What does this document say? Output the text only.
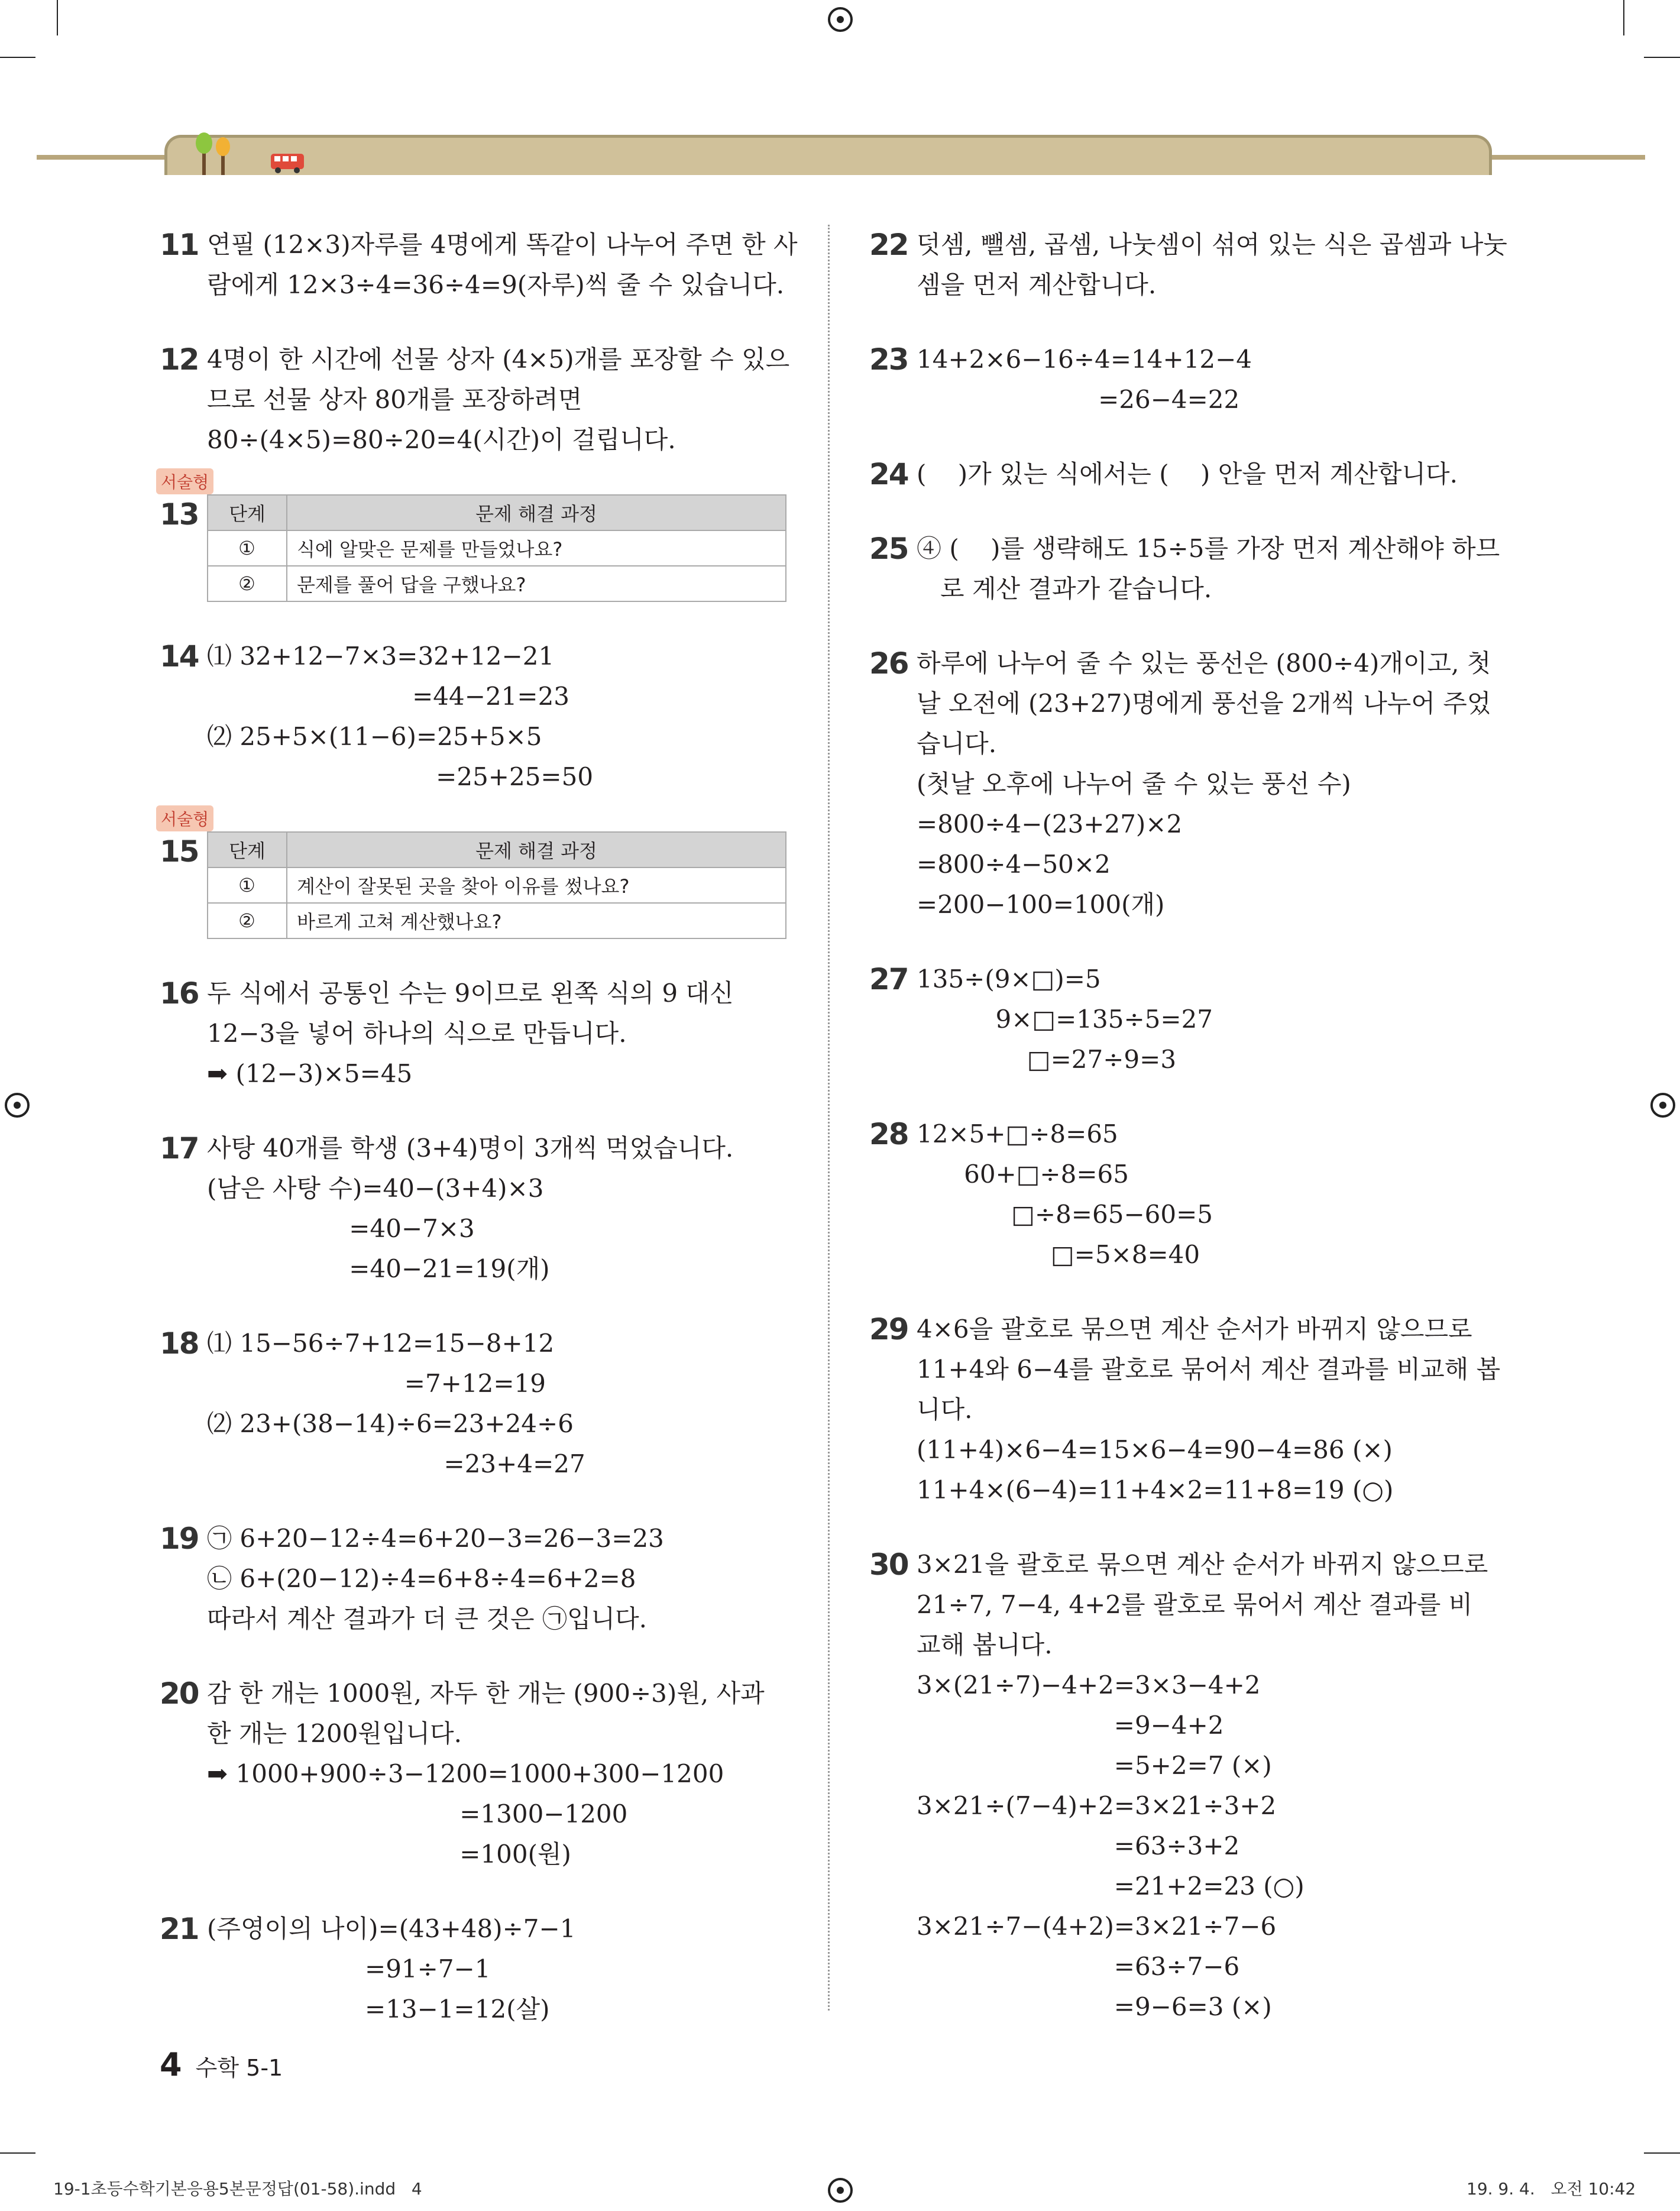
11 연필 (12×3)자루를 4명에게 똑같이 나누어 주면 한 사
람에게 12×3÷4=36÷4=9(자루)씩 줄 수 있습니다.
12 4명이 한 시간에 선물 상자 (4×5)개를 포장할 수 있으
므로 선물 상자 80개를 포장하려면
80÷(4×5)=80÷20=4(시간)이 걸립니다.
서술형
13 단계	문제 해결 과정
①	식에 알맞은 문제를 만들었나요?
②	문제를 풀어 답을 구했나요?
14 ⑴ 32+12−7×3=32+12−21
=44−21=23
⑵ 25+5×(11−6)=25+5×5
=25+25=50
서술형
15 단계	문제 해결 과정
①	계산이 잘못된 곳을 찾아 이유를 썼나요?
②	바르게 고쳐 계산했나요?
16 두 식에서 공통인 수는 9이므로 왼쪽 식의 9 대신
12−3을 넣어 하나의 식으로 만듭니다.
➡ (12−3)×5=45
17 사탕 40개를 학생 (3+4)명이 3개씩 먹었습니다.
(남은 사탕 수)=40−(3+4)×3
=40−7×3
=40−21=19(개)
18 ⑴ 15−56÷7+12=15−8+12
=7+12=19
⑵ 23+(38−14)÷6=23+24÷6
=23+4=27
19 ㉠ 6+20−12÷4=6+20−3=26−3=23
㉡ 6+(20−12)÷4=6+8÷4=6+2=8
따라서 계산 결과가 더 큰 것은 ㉠입니다.
20 감 한 개는 1000원, 자두 한 개는 (900÷3)원, 사과
한 개는 1200원입니다.
➡ 1000+900÷3−1200=1000+300−1200
=1300−1200
=100(원)
21 (주영이의 나이)=(43+48)÷7−1
=91÷7−1
=13−1=12(살)
22 덧셈, 뺄셈, 곱셈, 나눗셈이 섞여 있는 식은 곱셈과 나눗
셈을 먼저 계산합니다.
23 14+2×6−16÷4=14+12−4
=26−4=22
24 (    )가 있는 식에서는 (    ) 안을 먼저 계산합니다.
25 ④ (    )를 생략해도 15÷5를 가장 먼저 계산해야 하므
로 계산 결과가 같습니다.
26 하루에 나누어 줄 수 있는 풍선은 (800÷4)개이고, 첫
날 오전에 (23+27)명에게 풍선을 2개씩 나누어 주었
습니다.
(첫날 오후에 나누어 줄 수 있는 풍선 수)
=800÷4−(23+27)×2
=800÷4−50×2
=200−100=100(개)
27 135÷(9×□)=5
9×□=135÷5=27
□=27÷9=3
28 12×5+□÷8=65
60+□÷8=65
□÷8=65−60=5
□=5×8=40
29 4×6을 괄호로 묶으면 계산 순서가 바뀌지 않으므로
11+4와 6−4를 괄호로 묶어서 계산 결과를 비교해 봅
니다.
(11+4)×6−4=15×6−4=90−4=86 (×)
11+4×(6−4)=11+4×2=11+8=19 (○)
30 3×21을 괄호로 묶으면 계산 순서가 바뀌지 않으므로
21÷7, 7−4, 4+2를 괄호로 묶어서 계산 결과를 비
교해 봅니다.
3×(21÷7)−4+2=3×3−4+2
=9−4+2
=5+2=7 (×)
3×21÷(7−4)+2=3×21÷3+2
=63÷3+2
=21+2=23 (○)
3×21÷7−(4+2)=3×21÷7−6
=63÷7−6
=9−6=3 (×)
4 수학 5-1
19-1초등수학기본응용5본문정답(01-58).indd   4	19. 9. 4.   오전 10:42
